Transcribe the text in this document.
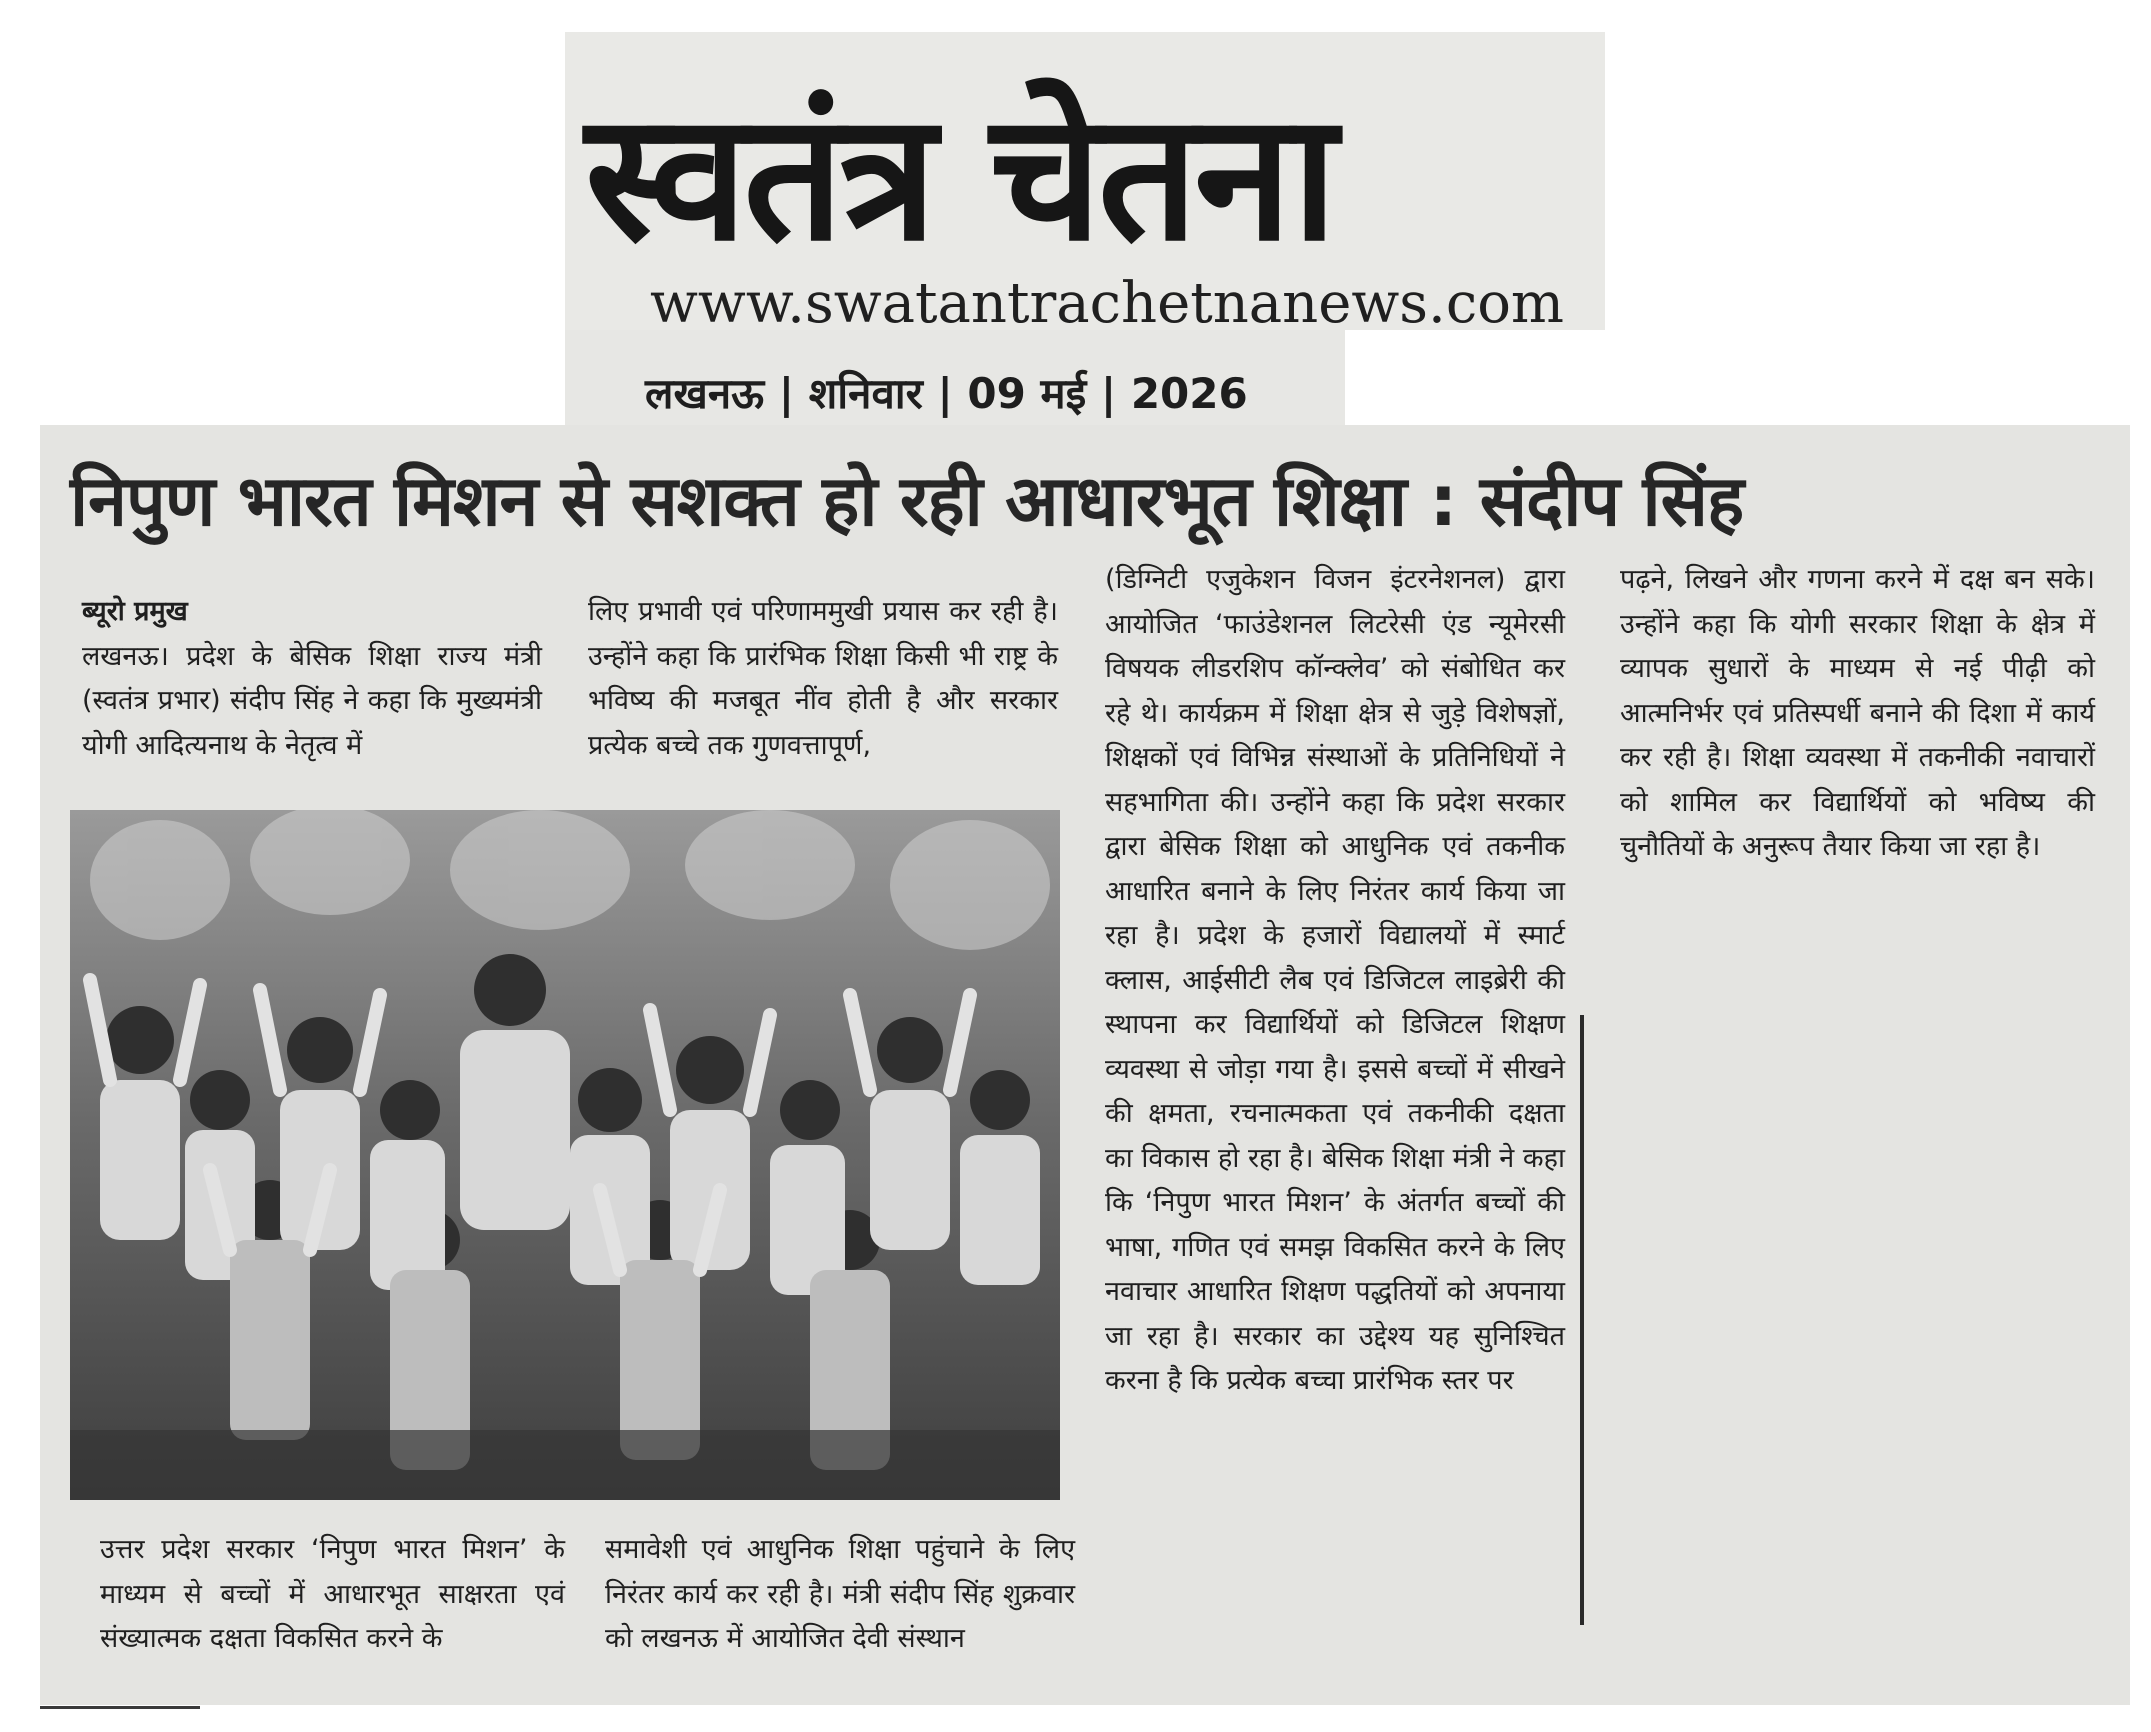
स्वतंत्र चेतना
www.swatantrachetnanews.com
लखनऊ | शनिवार | 09 मई | 2026
निपुण भारत मिशन से सशक्त हो रही आधारभूत शिक्षा : संदीप सिंह

ब्यूरो प्रमुख

लखनऊ। प्रदेश के बेसिक शिक्षा राज्य मंत्री (स्वतंत्र प्रभार) संदीप सिंह ने कहा कि मुख्यमंत्री योगी आदित्यनाथ के नेतृत्व में

लिए प्रभावी एवं परिणाममुखी प्रयास कर रही है। उन्होंने कहा कि प्रारंभिक शिक्षा किसी भी राष्ट्र के भविष्य की मजबूत नींव होती है और सरकार प्रत्येक बच्चे तक गुणवत्तापूर्ण,

उत्तर प्रदेश सरकार ‘निपुण भारत मिशन’ के माध्यम से बच्चों में आधारभूत साक्षरता एवं संख्यात्मक दक्षता विकसित करने के

समावेशी एवं आधुनिक शिक्षा पहुंचाने के लिए निरंतर कार्य कर रही है। मंत्री संदीप सिंह शुक्रवार को लखनऊ में आयोजित देवी संस्थान

(डिग्निटी एजुकेशन विजन इंटरनेशनल) द्वारा आयोजित ‘फाउंडेशनल लिटरेसी एंड न्यूमेरसी विषयक लीडरशिप कॉन्क्लेव’ को संबोधित कर रहे थे। कार्यक्रम में शिक्षा क्षेत्र से जुड़े विशेषज्ञों, शिक्षकों एवं विभिन्न संस्थाओं के प्रतिनिधियों ने सहभागिता की। उन्होंने कहा कि प्रदेश सरकार द्वारा बेसिक शिक्षा को आधुनिक एवं तकनीक आधारित बनाने के लिए निरंतर कार्य किया जा रहा है। प्रदेश के हजारों विद्यालयों में स्मार्ट क्लास, आईसीटी लैब एवं डिजिटल लाइब्रेरी की स्थापना कर विद्यार्थियों को डिजिटल शिक्षण व्यवस्था से जोड़ा गया है। इससे बच्चों में सीखने की क्षमता, रचनात्मकता एवं तकनीकी दक्षता का विकास हो रहा है। बेसिक शिक्षा मंत्री ने कहा कि ‘निपुण भारत मिशन’ के अंतर्गत बच्चों की भाषा, गणित एवं समझ विकसित करने के लिए नवाचार आधारित शिक्षण पद्धतियों को अपनाया जा रहा है। सरकार का उद्देश्य यह सुनिश्चित करना है कि प्रत्येक बच्चा प्रारंभिक स्तर पर

पढ़ने, लिखने और गणना करने में दक्ष बन सके। उन्होंने कहा कि योगी सरकार शिक्षा के क्षेत्र में व्यापक सुधारों के माध्यम से नई पीढ़ी को आत्मनिर्भर एवं प्रतिस्पर्धी बनाने की दिशा में कार्य कर रही है। शिक्षा व्यवस्था में तकनीकी नवाचारों को शामिल कर विद्यार्थियों को भविष्य की चुनौतियों के अनुरूप तैयार किया जा रहा है।
